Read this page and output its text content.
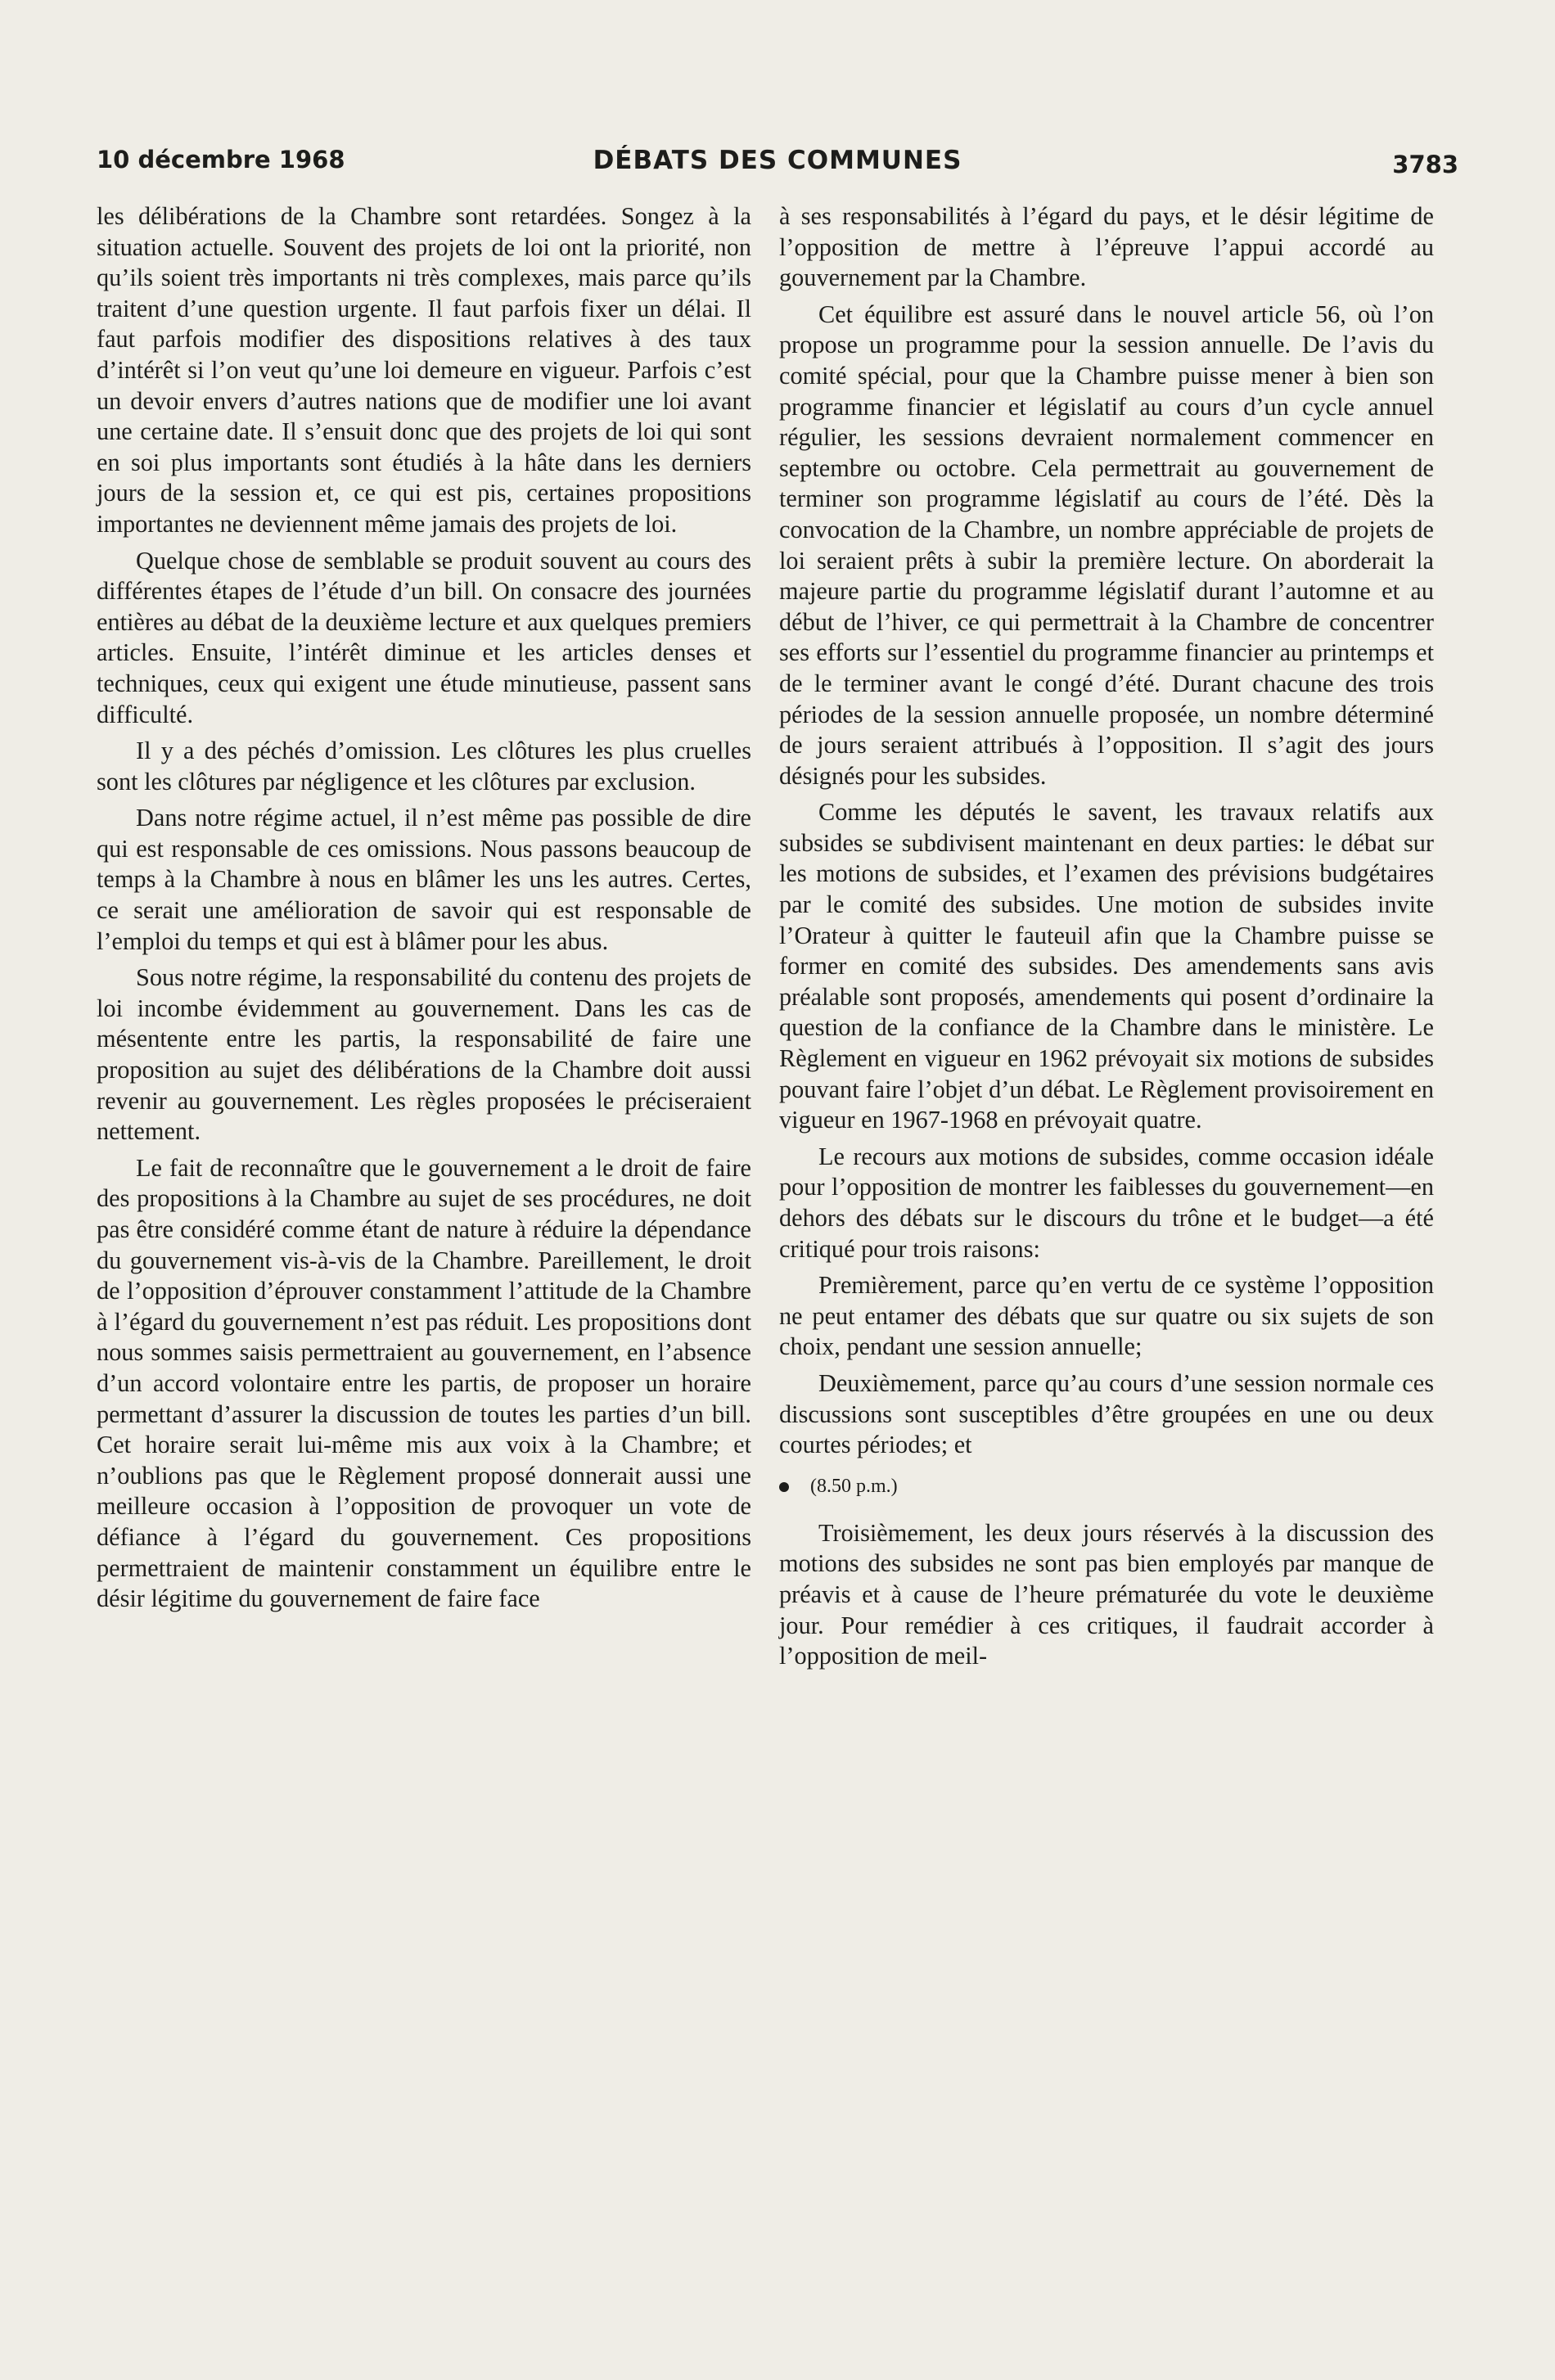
10 décembre 1968	DÉBATS DES COMMUNES	3783

les délibérations de la Chambre sont retardées. Songez à la situation actuelle. Souvent des projets de loi ont la priorité, non qu’ils soient très importants ni très complexes, mais parce qu’ils traitent d’une question urgente. Il faut parfois fixer un délai. Il faut parfois modifier des dispositions relatives à des taux d’intérêt si l’on veut qu’une loi demeure en vigueur. Parfois c’est un devoir envers d’autres nations que de modifier une loi avant une certaine date. Il s’ensuit donc que des projets de loi qui sont en soi plus importants sont étudiés à la hâte dans les derniers jours de la session et, ce qui est pis, certaines propositions importantes ne deviennent même jamais des projets de loi.

Quelque chose de semblable se produit souvent au cours des différentes étapes de l’étude d’un bill. On consacre des journées entières au débat de la deuxième lecture et aux quelques premiers articles. Ensuite, l’intérêt diminue et les articles denses et techniques, ceux qui exigent une étude minutieuse, passent sans difficulté.

Il y a des péchés d’omission. Les clôtures les plus cruelles sont les clôtures par négligence et les clôtures par exclusion.

Dans notre régime actuel, il n’est même pas possible de dire qui est responsable de ces omissions. Nous passons beaucoup de temps à la Chambre à nous en blâmer les uns les autres. Certes, ce serait une amélioration de savoir qui est responsable de l’emploi du temps et qui est à blâmer pour les abus.

Sous notre régime, la responsabilité du contenu des projets de loi incombe évidemment au gouvernement. Dans les cas de mésentente entre les partis, la responsabilité de faire une proposition au sujet des délibérations de la Chambre doit aussi revenir au gouvernement. Les règles proposées le préciseraient nettement.

Le fait de reconnaître que le gouvernement a le droit de faire des propositions à la Chambre au sujet de ses procédures, ne doit pas être considéré comme étant de nature à réduire la dépendance du gouvernement vis-à-vis de la Chambre. Pareillement, le droit de l’opposition d’éprouver constamment l’attitude de la Chambre à l’égard du gouvernement n’est pas réduit. Les propositions dont nous sommes saisis permettraient au gouvernement, en l’absence d’un accord volontaire entre les partis, de proposer un horaire permettant d’assurer la discussion de toutes les parties d’un bill. Cet horaire serait lui-même mis aux voix à la Chambre; et n’oublions pas que le Règlement proposé donnerait aussi une meilleure occasion à l’opposition de provoquer un vote de défiance à l’égard du gouvernement. Ces propositions permettraient de maintenir constamment un équilibre entre le désir légitime du gouvernement de faire face

à ses responsabilités à l’égard du pays, et le désir légitime de l’opposition de mettre à l’épreuve l’appui accordé au gouvernement par la Chambre.

Cet équilibre est assuré dans le nouvel article 56, où l’on propose un programme pour la session annuelle. De l’avis du comité spécial, pour que la Chambre puisse mener à bien son programme financier et législatif au cours d’un cycle annuel régulier, les sessions devraient normalement commencer en septembre ou octobre. Cela permettrait au gouvernement de terminer son programme législatif au cours de l’été. Dès la convocation de la Chambre, un nombre appréciable de projets de loi seraient prêts à subir la première lecture. On aborderait la majeure partie du programme législatif durant l’automne et au début de l’hiver, ce qui permettrait à la Chambre de concentrer ses efforts sur l’essentiel du programme financier au printemps et de le terminer avant le congé d’été. Durant chacune des trois périodes de la session annuelle proposée, un nombre déterminé de jours seraient attribués à l’opposition. Il s’agit des jours désignés pour les subsides.

Comme les députés le savent, les travaux relatifs aux subsides se subdivisent maintenant en deux parties: le débat sur les motions de subsides, et l’examen des prévisions budgétaires par le comité des subsides. Une motion de subsides invite l’Orateur à quitter le fauteuil afin que la Chambre puisse se former en comité des subsides. Des amendements sans avis préalable sont proposés, amendements qui posent d’ordinaire la question de la confiance de la Chambre dans le ministère. Le Règlement en vigueur en 1962 prévoyait six motions de subsides pouvant faire l’objet d’un débat. Le Règlement provisoirement en vigueur en 1967-1968 en prévoyait quatre.

Le recours aux motions de subsides, comme occasion idéale pour l’opposition de montrer les faiblesses du gouvernement—en dehors des débats sur le discours du trône et le budget—a été critiqué pour trois raisons:

Premièrement, parce qu’en vertu de ce système l’opposition ne peut entamer des débats que sur quatre ou six sujets de son choix, pendant une session annuelle;

Deuxièmement, parce qu’au cours d’une session normale ces discussions sont susceptibles d’être groupées en une ou deux courtes périodes; et

(8.50 p.m.)

Troisièmement, les deux jours réservés à la discussion des motions des subsides ne sont pas bien employés par manque de préavis et à cause de l’heure prématurée du vote le deuxième jour. Pour remédier à ces critiques, il faudrait accorder à l’opposition de meil-
